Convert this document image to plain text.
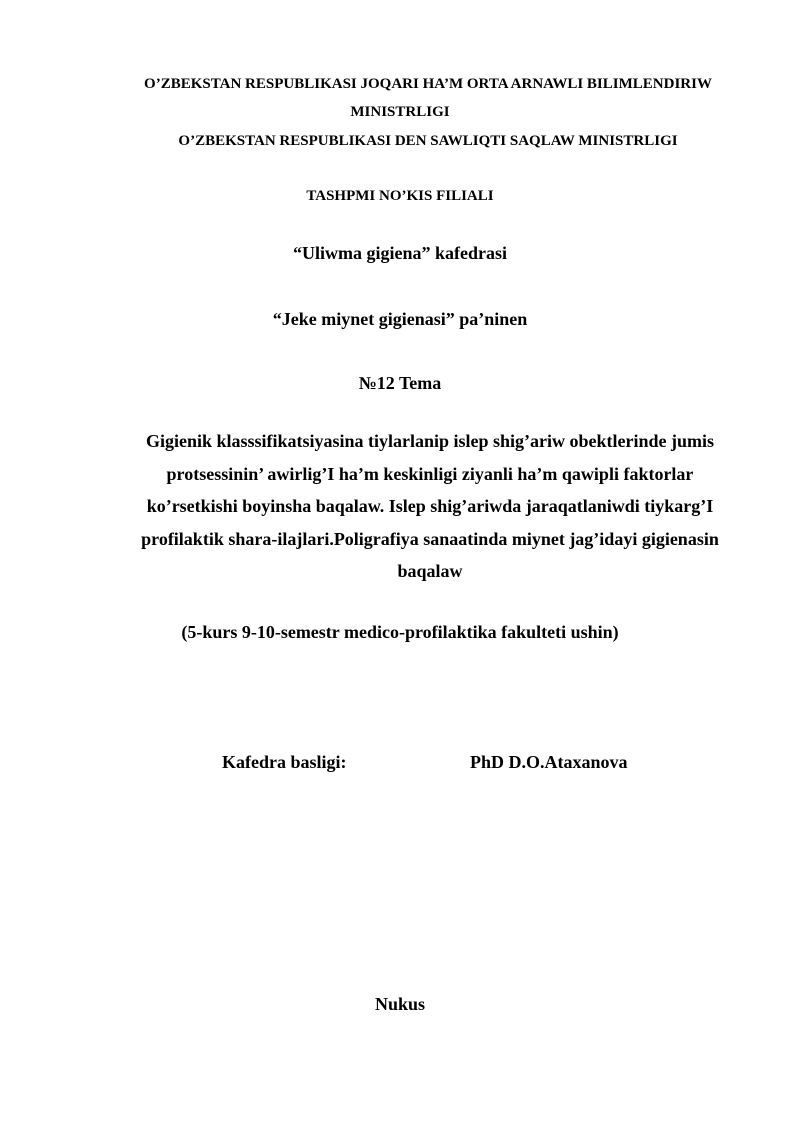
O’ZBEKSTAN RESPUBLIKASI JOQARI HA’M ORTA ARNAWLI BILIMLENDIRIW
MINISTRLIGI
O’ZBEKSTAN RESPUBLIKASI DEN SAWLIQTI SAQLAW MINISTRLIGI
TASHPMI NO’KIS FILIALI
“Uliwma gigiena” kafedrasi
“Jeke miynet gigienasi” pa’ninen
№12 Tema
Gigienik klasssifikatsiyasina tiylarlanip islep shig’ariw obektlerinde jumis
protsessinin’ awirlig’I ha’m keskinligi ziyanli ha’m qawipli faktorlar
ko’rsetkishi boyinsha baqalaw. Islep shig’ariwda jaraqatlaniwdi tiykarg’I
profilaktik shara-ilajlari.Poligrafiya sanaatinda miynet jag’idayi gigienasin
baqalaw
(5-kurs 9-10-semestr medico-profilaktika fakulteti ushin)
Kafedra basligi:	PhD D.O.Ataxanova
Nukus
